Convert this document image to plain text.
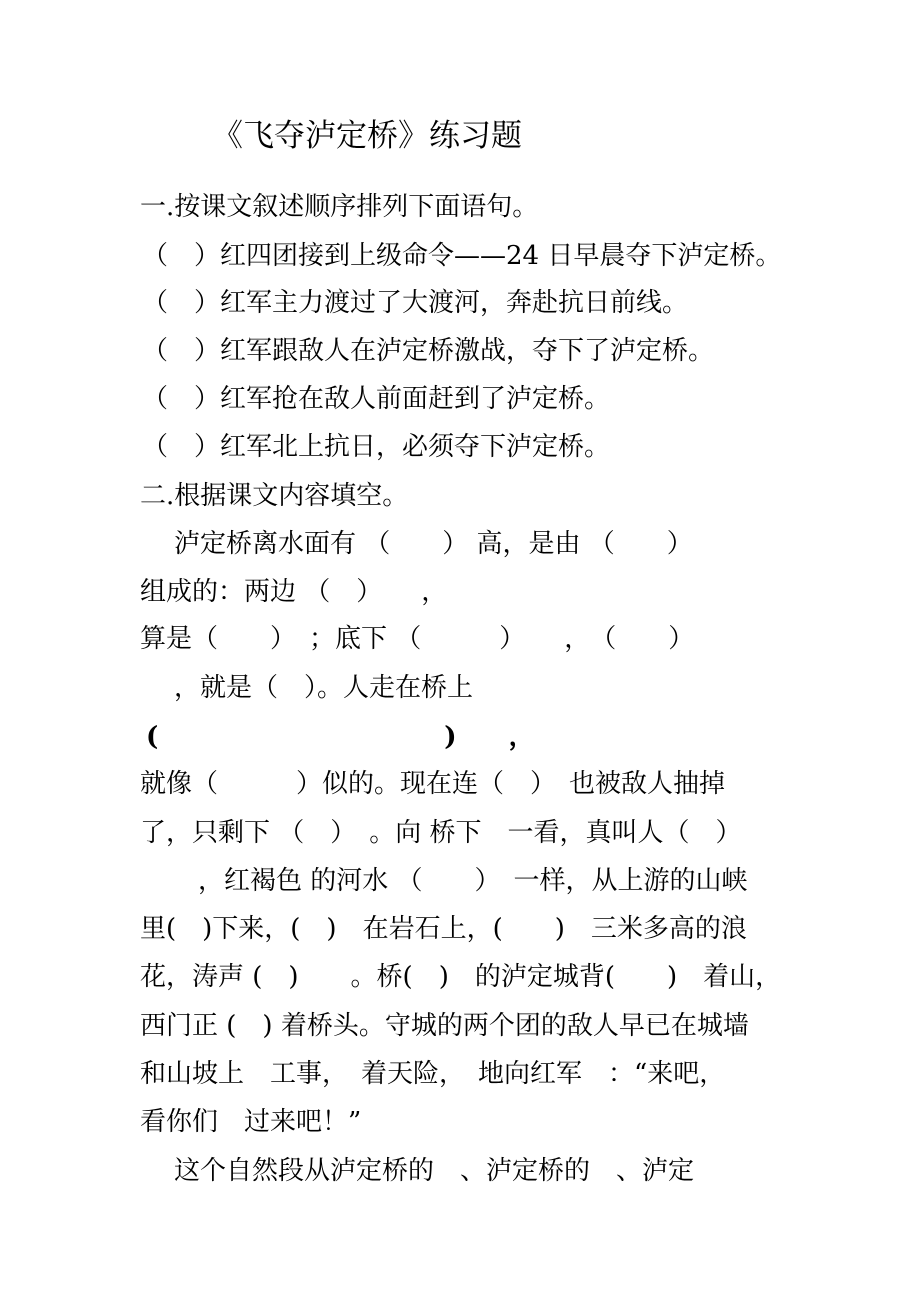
《飞夺泸定桥》练习题

一.按课文叙述顺序排列下面语句。

（　）红四团接到上级命令——24 日早晨夺下泸定桥。

（　）红军主力渡过了大渡河，奔赴抗日前线。

（　）红军跟敌人在泸定桥激战，夺下了泸定桥。

（　）红军抢在敌人前面赶到了泸定桥。

（　）红军北上抗日，必须夺下泸定桥。

二.根据课文内容填空。

泸定桥离水面有 （　　） 高，是由 （　　）

组成的：两边 （　）　　，

算是（　　）　；底下 （　　　）　　，　（　　）

，就是（　）。人走在桥上

(　　　　　　　　　　　)　　，

就像（　　　）似的。现在连（　）　也被敌人抽掉

了，只剩下 （　）　。向 桥下　一看，真叫人（　）

，红褐色 的河水 （　　）　一样，从上游的山峡

里(　)下来，(　)　在岩石上，(　　)　三米多高的浪

花，涛声 (　)　　。桥(　)　的泸定城背(　　)　着山，

西门正 (　) 着桥头。守城的两个团的敌人早已在城墙

和山坡上　工事，　着天险，　地向红军　：“来吧，

看你们　过来吧！”

这个自然段从泸定桥的　、泸定桥的　、泸定
